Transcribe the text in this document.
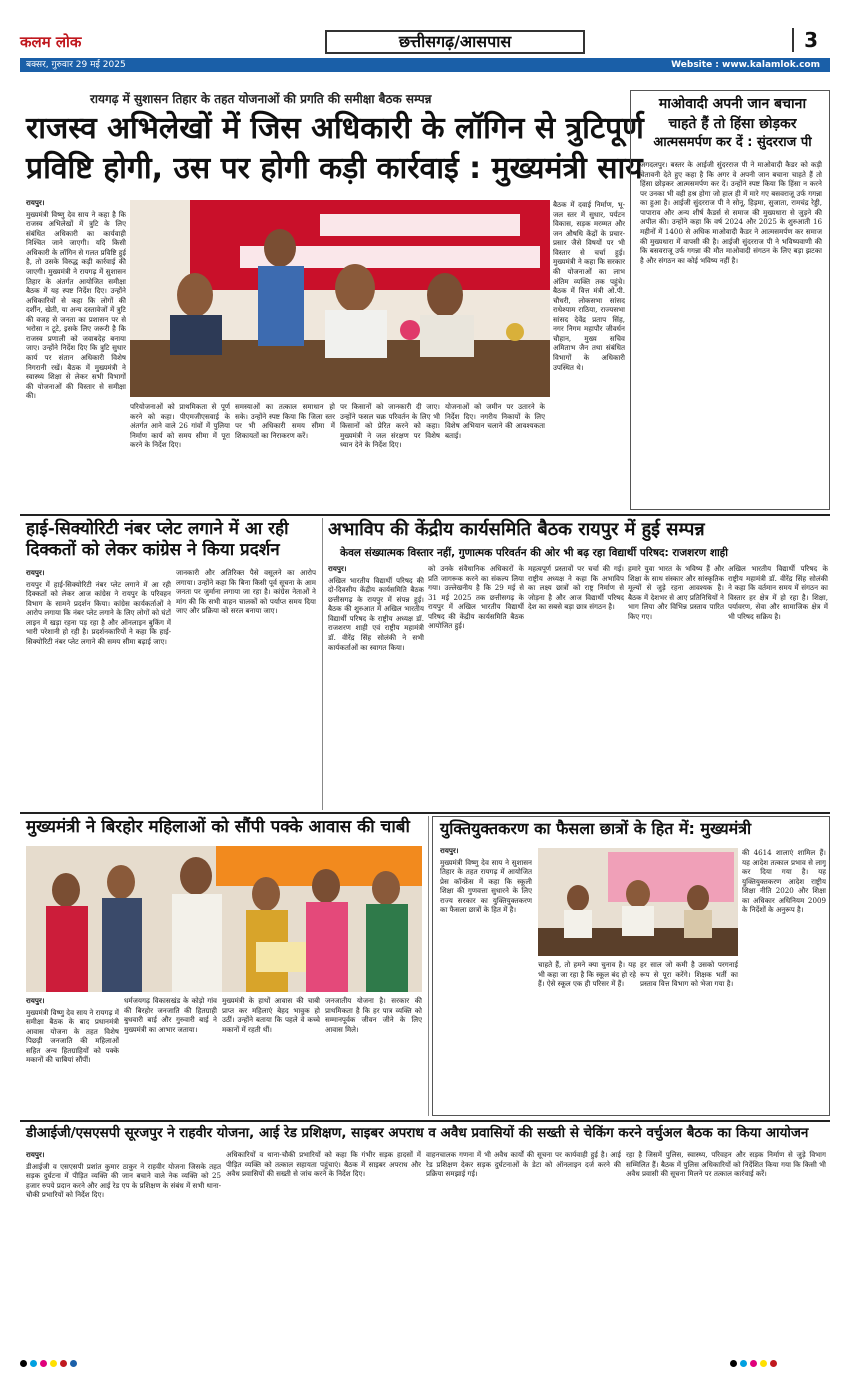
कलम लोक	छत्तीसगढ़/आसपास	3
बक्सर, गुरुवार 29 मई 2025	Website : www.kalamlok.com
रायगढ़ में सुशासन तिहार के तहत योजनाओं की प्रगति की समीक्षा बैठक सम्पन्न
राजस्व अभिलेखों में जिस अधिकारी के लॉगिन से त्रुटिपूर्ण
प्रविष्टि होगी, उस पर होगी कड़ी कार्रवाई : मुख्यमंत्री साय
रायपुर।
मुख्यमंत्री विष्णु देव साय ने कहा है कि राजस्व अभिलेखों में त्रुटि के लिए संबंधित अधिकारी का कार्यवाही निश्चित जाने जाएगी। यदि किसी अधिकारी के लॉगिन से गलत प्रविष्टि हुई है, तो उसके विरुद्ध कड़ी कार्रवाई की जाएगी। मुख्यमंत्री ने रायगढ़ में सुशासन तिहार के अंतर्गत आयोजित समीक्षा बैठक में यह स्पष्ट निर्देश दिए। उन्होंने अधिकारियों से कहा कि लोगों की दर्शीन, खेती, या अन्य दस्तावेजों में त्रुटि की वजह से जनता का प्रशासन पर से भरोसा न टूटे, इसके लिए जरूरी है कि राजस्व प्रणाली को जवाबदेह बनाया जाए। उन्होंने निर्देश दिए कि त्रुटि सुधार कार्य पर संतान अधिकारी विशेष निगरानी रखें। बैठक में मुख्यमंत्री ने स्वास्थ्य शिक्षा से लेकर सभी विभागों की योजनाओं की विस्तार से समीक्षा की।
परियोजनाओं को प्राथमिकता से पूर्ण करने को कहा। पीएमजीएसवाई के अंतर्गत आने वाले 26 गांवों में पुलिया निर्माण कार्य को समय सीमा में पूरा करने के निर्देश दिए।
समस्याओं का तत्काल समाधान हो सके। उन्होंने स्पष्ट किया कि जिला स्तर पर भी अधिकारी समय सीमा में शिकायतों का निराकरण करें।
पर किसानों को जानकारी दी जाए। उन्होंने फसल चक्र परिवर्तन के लिए भी किसानों को प्रेरित करने को कहा। मुख्यमंत्री ने जल संरक्षण पर विशेष ध्यान देने के निर्देश दिए।
योजनाओं को जमीन पर उतारने के निर्देश दिए। नगरीय निकायों के लिए विशेष अभियान चलाने की आवश्यकता बताई।
बैठक में दवाई निर्माण, भू-जल स्तर में सुधार, पर्यटन विकास, सड़क मरम्मत और जन औषधि केंद्रों के प्रचार-प्रसार जैसे विषयों पर भी विस्तार से चर्चा हुई। मुख्यमंत्री ने कहा कि सरकार की योजनाओं का लाभ अंतिम व्यक्ति तक पहुंचे। बैठक में वित्त मंत्री ओ.पी. चौधरी, लोकसभा सांसद राधेश्याम राठिया, राज्यसभा सांसद देवेंद्र प्रताप सिंह, नगर निगम महापौर जीवर्धन चौहान, मुख्य सचिव अमिताभ जैन तथा संबंधित विभागों के अधिकारी उपस्थित थे।
माओवादी अपनी जान बचाना
चाहते हैं तो हिंसा छोड़कर
आत्मसमर्पण कर दें : सुंदरराज पी
जगदलपुर। बस्तर के आईजी सुंदरराज पी ने माओवादी कैडर को कड़ी चेतावनी देते हुए कहा है कि अगर वे अपनी जान बचाना चाहते हैं तो हिंसा छोड़कर आत्मसमर्पण कर दें। उन्होंने स्पष्ट किया कि हिंसा न करने पर उनका भी वही हश्र होगा जो हाल ही में मारे गए बसवराजू उर्फ गगन्ना का हुआ है। आईजी सुंदरराज पी ने सोनू, हिड़मा, सुजाता, रामचंद्र रेड्डी, पापाराव और अन्य शीर्ष कैडर्स से समाज की मुख्यधारा से जुड़ने की अपील की। उन्होंने कहा कि वर्ष 2024 और 2025 के शुरुआती 16 महीनों में 1400 से अधिक माओवादी कैडर ने आत्मसमर्पण कर समाज की मुख्यधारा में वापसी की है। आईजी सुंदरराज पी ने भविष्यवाणी की कि बसवराजू उर्फ गगन्ना की मौत माओवादी संगठन के लिए बड़ा झटका है और संगठन का कोई भविष्य नहीं है।
हाई-सिक्योरिटी नंबर प्लेट लगाने में आ रही
दिक्कतों को लेकर कांग्रेस ने किया प्रदर्शन
रायपुर।
रायपुर में हाई-सिक्योरिटी नंबर प्लेट लगाने में आ रही दिक्कतों को लेकर आज कांग्रेस ने रायपुर के परिवहन विभाग के सामने प्रदर्शन किया। कांग्रेस कार्यकर्ताओं ने आरोप लगाया कि नंबर प्लेट लगाने के लिए लोगों को घंटों लाइन में खड़ा रहना पड़ रहा है और ऑनलाइन बुकिंग में भारी परेशानी हो रही है। प्रदर्शनकारियों ने कहा कि हाई-सिक्योरिटी नंबर प्लेट लगाने की समय सीमा बढ़ाई जाए।
जानकारी और अतिरिक्त पैसे वसूलने का आरोप लगाया। उन्होंने कहा कि बिना किसी पूर्व सूचना के आम जनता पर जुर्माना लगाया जा रहा है। कांग्रेस नेताओं ने मांग की कि सभी वाहन चालकों को पर्याप्त समय दिया जाए और प्रक्रिया को सरल बनाया जाए।
अभाविप की केंद्रीय कार्यसमिति बैठक रायपुर में हुई सम्पन्न
केवल संख्यात्मक विस्तार नहीं, गुणात्मक परिवर्तन की ओर भी बढ़ रहा विद्यार्थी परिषद: राजशरण शाही
रायपुर।
अखिल भारतीय विद्यार्थी परिषद की दो-दिवसीय केंद्रीय कार्यसमिति बैठक छत्तीसगढ़ के रायपुर में संपन्न हुई। बैठक की शुरुआत में अखिल भारतीय विद्यार्थी परिषद के राष्ट्रीय अध्यक्ष डॉ. राजशरण शाही एवं राष्ट्रीय महामंत्री डॉ. वीरेंद्र सिंह सोलंकी ने सभी कार्यकर्ताओं का स्वागत किया।
को उनके संवैधानिक अधिकारों के प्रति जागरूक करने का संकल्प लिया गया। उल्लेखनीय है कि 29 मई से 31 मई 2025 तक छत्तीसगढ़ के रायपुर में अखिल भारतीय विद्यार्थी परिषद की केंद्रीय कार्यसमिति बैठक आयोजित हुई।
महत्वपूर्ण प्रस्तावों पर चर्चा की गई। राष्ट्रीय अध्यक्ष ने कहा कि अभाविप का लक्ष्य छात्रों को राष्ट्र निर्माण से जोड़ना है और आज विद्यार्थी परिषद देश का सबसे बड़ा छात्र संगठन है।
हमारे युवा भारत के भविष्य हैं और शिक्षा के साथ संस्कार और सांस्कृतिक मूल्यों से जुड़े रहना आवश्यक है। बैठक में देशभर से आए प्रतिनिधियों ने भाग लिया और विभिन्न प्रस्ताव पारित किए गए।
अखिल भारतीय विद्यार्थी परिषद के राष्ट्रीय महामंत्री डॉ. वीरेंद्र सिंह सोलंकी ने कहा कि वर्तमान समय में संगठन का विस्तार हर क्षेत्र में हो रहा है। शिक्षा, पर्यावरण, सेवा और सामाजिक क्षेत्र में भी परिषद सक्रिय है।
मुख्यमंत्री ने बिरहोर महिलाओं को सौंपी पक्के आवास की चाबी
रायपुर।
मुख्यमंत्री विष्णु देव साय ने रायगढ़ में समीक्षा बैठक के बाद प्रधानमंत्री आवास योजना के तहत विशेष पिछड़ी जनजाति की महिलाओं सहित अन्य हितग्राहियों को पक्के मकानों की चाबियां सौंपीं।
धर्मजयगढ़ विकासखंड के कोड़ो गांव की बिरहोर जनजाति की हितग्राही बुधवारी बाई और गुरुवारी बाई ने मुख्यमंत्री का आभार जताया।
मुख्यमंत्री के हाथों आवास की चाबी प्राप्त कर महिलाएं बेहद भावुक हो उठीं। उन्होंने बताया कि पहले वे कच्चे मकानों में रहती थीं।
जनजातीय योजना है। सरकार की प्राथमिकता है कि हर पात्र व्यक्ति को सम्मानपूर्वक जीवन जीने के लिए आवास मिले।
युक्तियुक्तकरण का फैसला छात्रों के हित में: मुख्यमंत्री
रायपुर।
मुख्यमंत्री विष्णु देव साय ने सुशासन तिहार के तहत रायगढ़ में आयोजित प्रेस कॉन्फ्रेंस में कहा कि स्कूली शिक्षा की गुणवत्ता सुधारने के लिए राज्य सरकार का युक्तियुक्तकरण का फैसला छात्रों के हित में है।
चाहते हैं, तो हमने क्या चुनाव है। यह भी कहा जा रहा है कि स्कूल बंद हो रहे हैं। ऐसे स्कूल एक ही परिसर में हैं।
हर साल जो कमी है उसको परगनाई रूप से पूरा करेंगे। शिक्षक भर्ती का प्रस्ताव वित्त विभाग को भेजा गया है।
की 4614 शालाएं शामिल हैं। यह आदेश तत्काल प्रभाव से लागू कर दिया गया है। यह युक्तियुक्तकरण आदेश राष्ट्रीय शिक्षा नीति 2020 और शिक्षा का अधिकार अधिनियम 2009 के निर्देशों के अनुरूप है।
डीआईजी/एसएसपी सूरजपुर ने राहवीर योजना, आई रेड प्रशिक्षण, साइबर अपराध व अवैध प्रवासियों की सख्ती से चेकिंग करने वर्चुअल बैठक का किया आयोजन
रायपुर।
डीआईजी व एसएसपी प्रशांत कुमार ठाकुर ने राहवीर योजना जिसके तहत सड़क दुर्घटना में पीड़ित व्यक्ति की जान बचाने वाले नेक व्यक्ति को 25 हजार रुपये प्रदान करने और आई रेड एप के प्रशिक्षण के संबंध में सभी थाना-चौकी प्रभारियों को निर्देश दिए।
अधिकारियों व थाना-चौकी प्रभारियों को कहा कि गंभीर सड़क हादसों में पीड़ित व्यक्ति को तत्काल सहायता पहुंचाएं। बैठक में साइबर अपराध और अवैध प्रवासियों की सख्ती से जांच करने के निर्देश दिए।
वाहनचालक गणना में भी अवैध कार्यों की सूचना पर कार्यवाही हुई है। आई रेड प्रशिक्षण देकर सड़क दुर्घटनाओं के डेटा को ऑनलाइन दर्ज करने की प्रक्रिया समझाई गई।
रहा है जिसमें पुलिस, स्वास्थ्य, परिवहन और सड़क निर्माण से जुड़े विभाग सम्मिलित हैं। बैठक में पुलिस अधिकारियों को निर्देशित किया गया कि किसी भी अवैध प्रवासी की सूचना मिलने पर तत्काल कार्रवाई करें।
